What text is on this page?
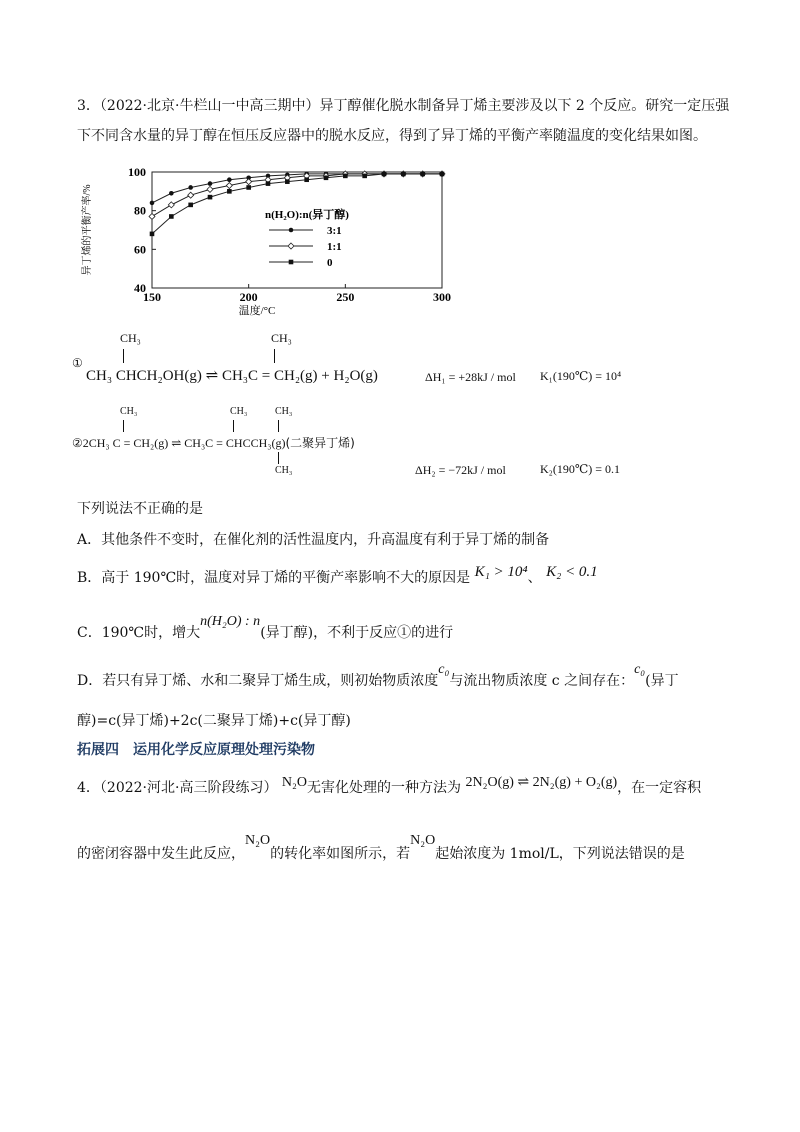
3．（2022·北京·牛栏山一中高三期中）异丁醇催化脱水制备异丁烯主要涉及以下 2 个反应。研究一定压强
下不同含水量的异丁醇在恒压反应器中的脱水反应，得到了异丁烯的平衡产率随温度的变化结果如图。
150	200	250	300
40
60
80
100
温度/°C
异丁烯的平衡产率/%	n(H₂O):n(异丁醇)
3:1
1:1
0
CH₃	CH₃
①
CH₃ CHCH₂OH(g) ⇌ CH₃C = CH₂(g) + H₂O(g)	ΔH₁ = +28kJ / mol K₁(190℃) = 10⁴
CH₃	CH₃	CH₃
②2CH₃ C = CH₂(g) ⇌ CH₃C = CHCCH₃(g)(二聚异丁烯)
CH₃	ΔH₂ = −72kJ / mol	K₂(190℃) = 0.1
下列说法不正确的是
A．其他条件不变时，在催化剂的活性温度内，升高温度有利于异丁烯的制备
B．高于 190℃时，温度对异丁烯的平衡产率影响不大的原因是 K₁ > 10⁴、 K₂ < 0.1
C．190℃时，增大n(H₂O) : n(异丁醇)，不利于反应①的进行
D．若只有异丁烯、水和二聚异丁烯生成，则初始物质浓度c₀与流出物质浓度 c 之间存在：c₀(异丁
醇)=c(异丁烯)+2c(二聚异丁烯)+c(异丁醇)
拓展四　运用化学反应原理处理污染物
4．（2022·河北·高三阶段练习） N₂O无害化处理的一种方法为 2N₂O(g) ⇌ 2N₂(g) + O₂(g)，在一定容积
的密闭容器中发生此反应，N₂O的转化率如图所示，若N₂O起始浓度为 1mol/L，下列说法错误的是
